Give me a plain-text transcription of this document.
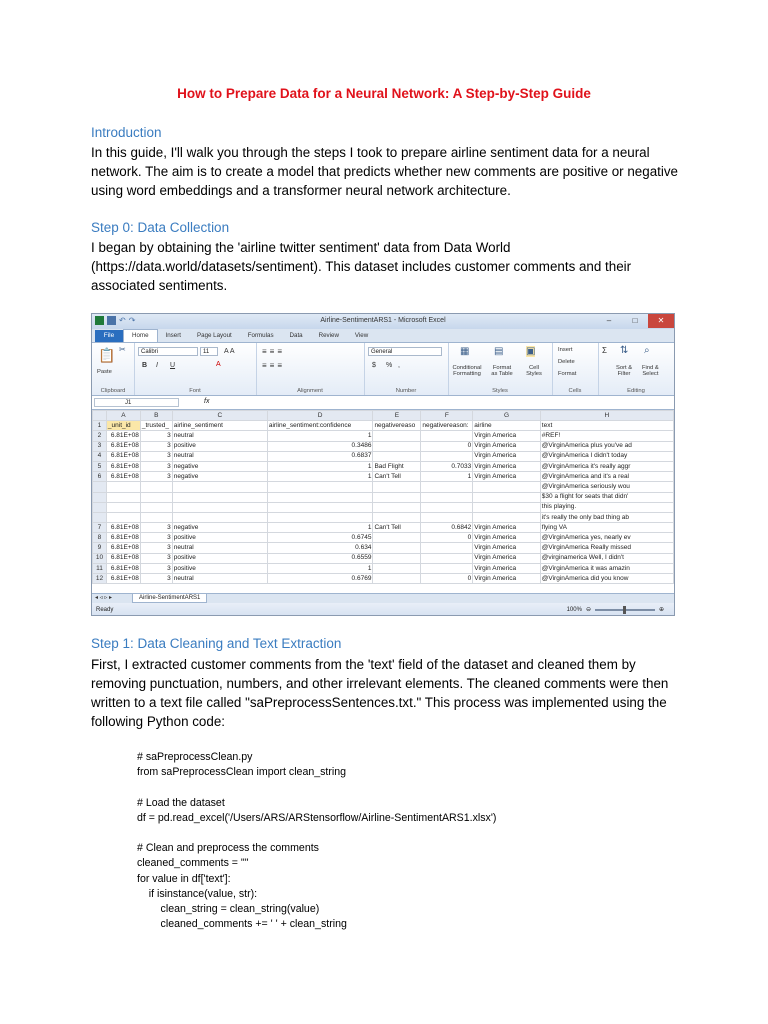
How to Prepare Data for a Neural Network: A Step-by-Step Guide
Introduction
In this guide, I'll walk you through the steps I took to prepare airline sentiment data for a neural
network. The aim is to create a model that predicts whether new comments are positive or negative
using word embeddings and a transformer neural network architecture.
Step 0: Data Collection
I began by obtaining the 'airline twitter sentiment' data from Data World
(https://data.world/datasets/sentiment). This dataset includes customer comments and their
associated sentiments.
↶ ↷	Airline-SentimentARS1 - Microsoft Excel	–	□	✕
File	Home	Insert	Page Layout	Formulas	Data	Review	View
📋
Paste
✂
Clipboard
Calibri	11	A A
B I U	A
Font
≡≡≡
≡≡≡
Alignment
General
$ % ,
Number
▦
Conditional
Formatting
▤
Format
as Table
▣
Cell
Styles
Styles
Insert
Delete
Format
Cells
Σ ⇅ ⌕
Sort &
Filter
Find &
Select
Editing
J1	fx
	A	B	C	D	E	F	G	H
1	_unit_id	_trusted_	airline_sentiment	airline_sentiment:confidence	negativereaso	negativereason:	airline	text
2	6.81E+08	3	neutral	1			Virgin America	#REF!
3	6.81E+08	3	positive	0.3486		0	Virgin America	@VirginAmerica plus you've ad
4	6.81E+08	3	neutral	0.6837			Virgin America	@VirginAmerica I didn't today
5	6.81E+08	3	negative	1	Bad Flight	0.7033	Virgin America	@VirginAmerica it's really aggr
6	6.81E+08	3	negative	1	Can't Tell	1	Virgin America	@VirginAmerica and it's a real
								@VirginAmerica seriously wou
								$30 a flight for seats that didn'
								this playing.
								it's really the only bad thing ab
7	6.81E+08	3	negative	1	Can't Tell	0.6842	Virgin America	flying VA
8	6.81E+08	3	positive	0.6745		0	Virgin America	@VirginAmerica yes, nearly ev
9	6.81E+08	3	neutral	0.634			Virgin America	@VirginAmerica Really missed
10	6.81E+08	3	positive	0.6559			Virgin America	@virginamerica Well, I didn't
11	6.81E+08	3	positive	1			Virgin America	@VirginAmerica it was amazin
12	6.81E+08	3	neutral	0.6769		0	Virgin America	@VirginAmerica did you know
◂ ◃ ▹ ▸	Airline-SentimentARS1
Ready	100% ⊖	⊕
Step 1: Data Cleaning and Text Extraction
First, I extracted customer comments from the 'text' field of the dataset and cleaned them by
removing punctuation, numbers, and other irrelevant elements. The cleaned comments were then
written to a text file called "saPreprocessSentences.txt." This process was implemented using the
following Python code:
# saPreprocessClean.py
from saPreprocessClean import clean_string
# Load the dataset
df = pd.read_excel('/Users/ARS/ARStensorflow/Airline-SentimentARS1.xlsx')
# Clean and preprocess the comments
cleaned_comments = ""
for value in df['text']:
if isinstance(value, str):
clean_string = clean_string(value)
cleaned_comments += ' ' + clean_string
